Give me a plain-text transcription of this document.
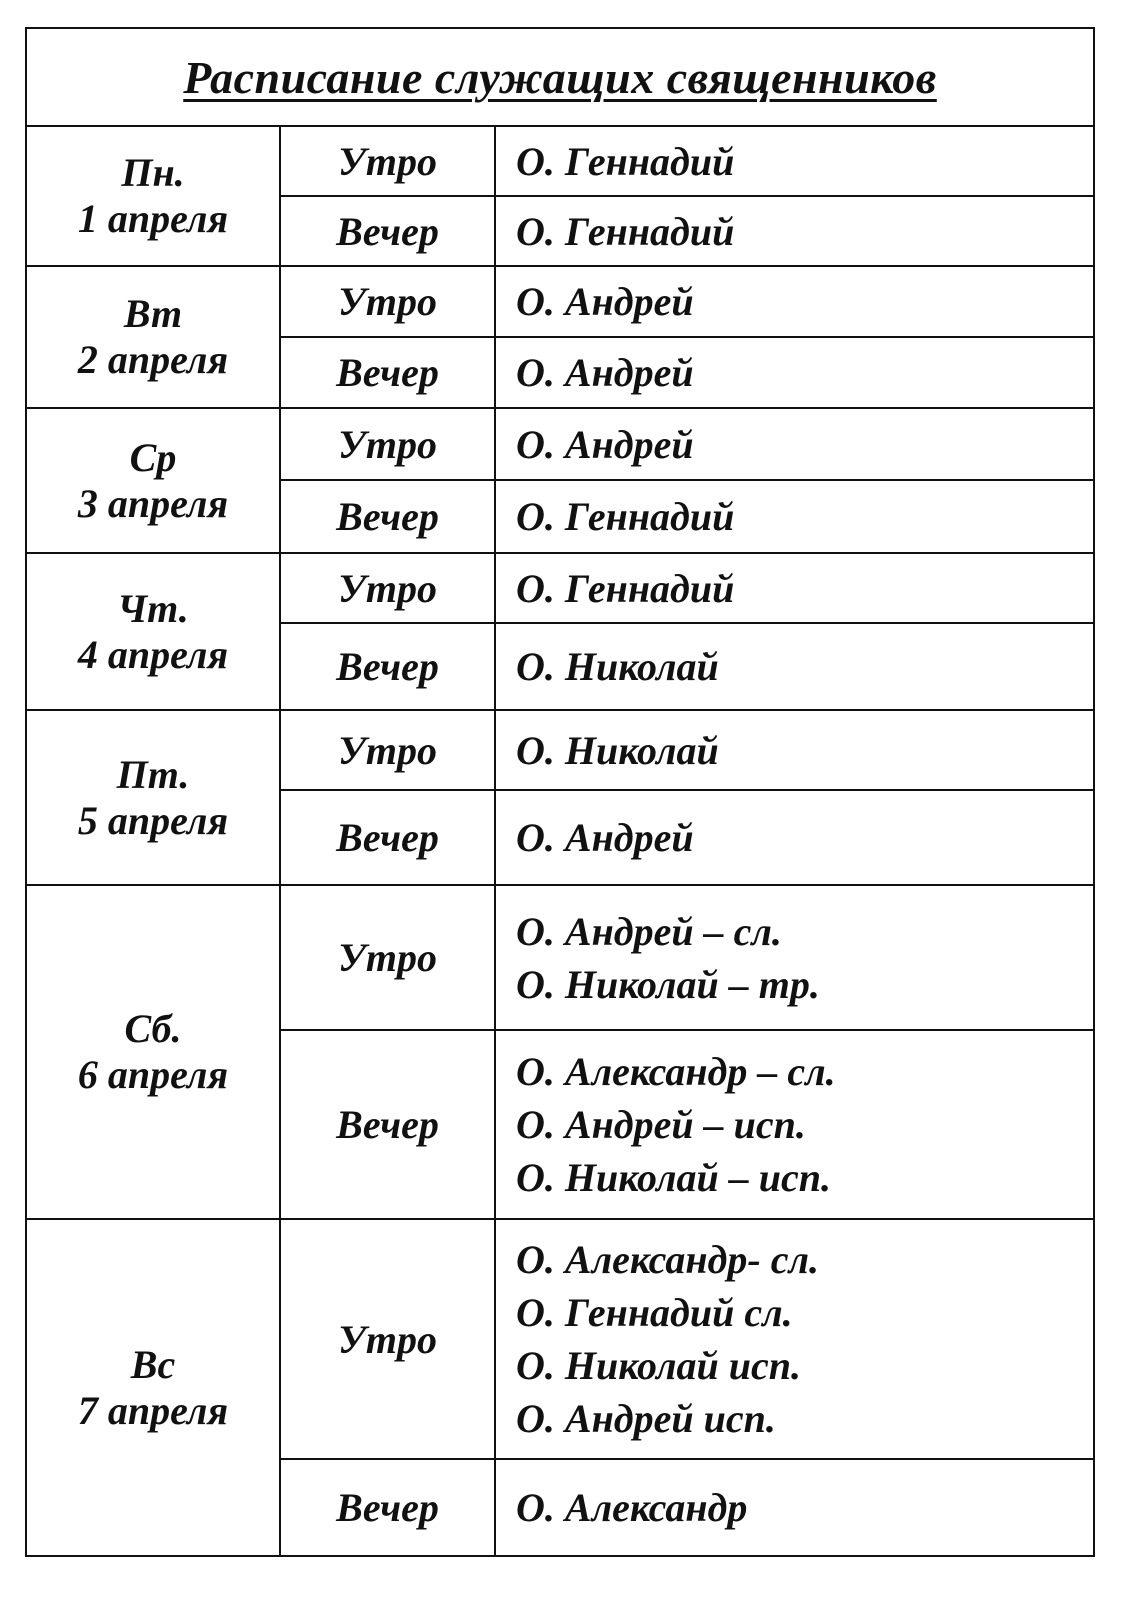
Расписание служащих священников		

Пн.
1 апреля	Утро	О. Геннадий

	Вечер	О. Геннадий

Вт
2 апреля	Утро	О. Андрей

	Вечер	О. Андрей

Ср
3 апреля	Утро	О. Андрей

	Вечер	О. Геннадий

Чт.
4 апреля	Утро	О. Геннадий

	Вечер	О. Николай

Пт.
5 апреля	Утро	О. Николай

	Вечер	О. Андрей

Сб.
6 апреля	Утро	О. Андрей – сл.
О. Николай – тр.

	Вечер	О. Александр – сл.
О. Андрей – исп.
О. Николай – исп.

Вс
7 апреля	Утро	О. Александр- сл.
О. Геннадий сл.
О. Николай исп.
О. Андрей исп.

	Вечер	О. Александр
